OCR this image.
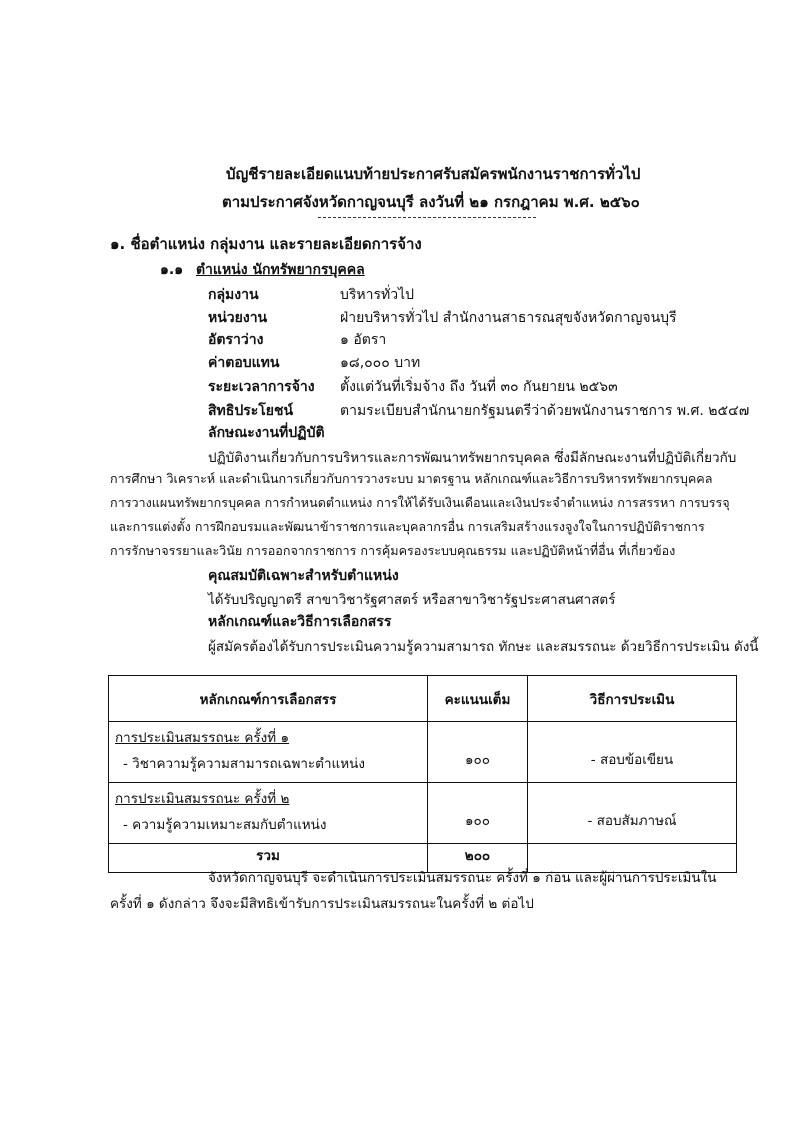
บัญชีรายละเอียดแนบท้ายประกาศรับสมัครพนักงานราชการทั่วไป
ตามประกาศจังหวัดกาญจนบุรี ลงวันที่ ๒๑ กรกฎาคม พ.ศ. ๒๕๖๐
๑. ชื่อตำแหน่ง กลุ่มงาน และรายละเอียดการจ้าง
๑.๑ ตำแหน่ง นักทรัพยากรบุคคล
กลุ่มงาน	บริหารทั่วไป
หน่วยงาน	ฝ่ายบริหารทั่วไป สำนักงานสาธารณสุขจังหวัดกาญจนบุรี
อัตราว่าง	๑ อัตรา
ค่าตอบแทน	๑๘,๐๐๐ บาท
ระยะเวลาการจ้าง ตั้งแต่วันที่เริ่มจ้าง ถึง วันที่ ๓๐ กันยายน ๒๕๖๓
สิทธิประโยชน์	ตามระเบียบสำนักนายกรัฐมนตรีว่าด้วยพนักงานราชการ พ.ศ. ๒๕๔๗
ลักษณะงานที่ปฏิบัติ
ปฏิบัติงานเกี่ยวกับการบริหารและการพัฒนาทรัพยากรบุคคล ซึ่งมีลักษณะงานที่ปฏิบัติเกี่ยวกับ
การศึกษา วิเคราะห์ และดำเนินการเกี่ยวกับการวางระบบ มาตรฐาน หลักเกณฑ์และวิธีการบริหารทรัพยากรบุคคล
การวางแผนทรัพยากรบุคคล การกำหนดตำแหน่ง การให้ได้รับเงินเดือนและเงินประจำตำแหน่ง การสรรหา การบรรจุ
และการแต่งตั้ง การฝึกอบรมและพัฒนาข้าราชการและบุคลากรอื่น การเสริมสร้างแรงจูงใจในการปฏิบัติราชการ
การรักษาจรรยาและวินัย การออกจากราชการ การคุ้มครองระบบคุณธรรม และปฏิบัติหน้าที่อื่น ที่เกี่ยวข้อง
คุณสมบัติเฉพาะสำหรับตำแหน่ง
ได้รับปริญญาตรี สาขาวิชารัฐศาสตร์ หรือสาขาวิชารัฐประศาสนศาสตร์
หลักเกณฑ์และวิธีการเลือกสรร
ผู้สมัครต้องได้รับการประเมินความรู้ความสามารถ ทักษะ และสมรรถนะ ด้วยวิธีการประเมิน ดังนี้
หลักเกณฑ์การเลือกสรร	คะแนนเต็ม	วิธีการประเมิน

การประเมินสมรรถนะ ครั้งที่ ๑
- วิชาความรู้ความสามารถเฉพาะตำแหน่ง	๑๐๐	- สอบข้อเขียน

การประเมินสมรรถนะ ครั้งที่ ๒
- ความรู้ความเหมาะสมกับตำแหน่ง	๑๐๐	- สอบสัมภาษณ์

รวม	๒๐๐	
จังหวัดกาญจนบุรี จะดำเนินการประเมินสมรรถนะ ครั้งที่ ๑ ก่อน และผู้ผ่านการประเมินใน
ครั้งที่ ๑ ดังกล่าว จึงจะมีสิทธิเข้ารับการประเมินสมรรถนะในครั้งที่ ๒ ต่อไป
